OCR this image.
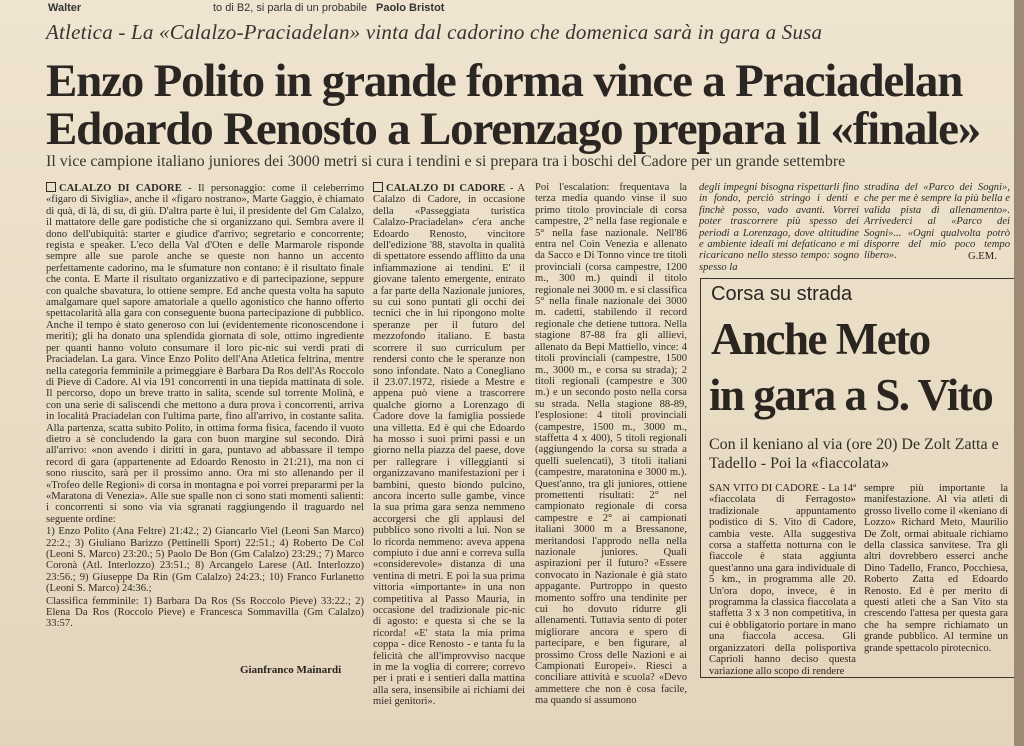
Walter	to di B2, si parla di un probabile Paolo Bristot
Atletica - La «Calalzo-Praciadelan» vinta dal cadorino che domenica sarà in gara a Susa
Enzo Polito in grande forma vince a Praciadelan
Edoardo Renosto a Lorenzago prepara il «finale»
Il vice campione italiano juniores dei 3000 metri si cura i tendini e si prepara tra i boschi del Cadore per un grande settembre

CALALZO DI CADORE - Il personaggio: come il celeberrimo «figaro di Siviglia», anche il «figaro nostrano», Marte Gaggio, è chiamato di quà, di là, di su, di giù. D'altra parte è lui, il presidente del Gm Calalzo, il mattatore delle gare podistiche che si organizzano qui. Sembra avere il dono dell'ubiquità: starter e giudice d'arrivo; segretario e concorrente; regista e speaker. L'eco della Val d'Oten e delle Marmarole risponde sempre alle sue parole anche se queste non hanno un accento perfettamente cadorino, ma le sfumature non contano: è il risultato finale che conta. E Marte il risultato organizzativo e di partecipazione, seppure con qualche sbavatura, lo ottiene sempre. Ed anche questa volta ha saputo amalgamare quel sapore amatoriale a quello agonistico che hanno offerto spettacolarità alla gara con conseguente buona partecipazione di pubblico. Anche il tempo è stato generoso con lui (evidentemente riconoscendone i meriti); gli ha donato una splendida giornata di sole, ottimo ingrediente per quanti hanno voluto consumare il loro pic-nic sui verdi prati di Praciadelan. La gara. Vince Enzo Polito dell'Ana Atletica feltrina, mentre nella categoria femminile a primeggiare è Barbara Da Ros dell'As Roccolo di Pieve di Cadore. Al via 191 concorrenti in una tiepida mattinata di sole. Il percorso, dopo un breve tratto in salita, scende sul torrente Molinà, e con una serie di saliscendi che mettono a dura prova i concorrenti, arriva in località Praciadelan con l'ultima parte, fino all'arrivo, in costante salita. Alla partenza, scatta subito Polito, in ottima forma fisica, facendo il vuoto dietro a sè concludendo la gara con buon margine sul secondo. Dirà all'arrivo: «non avendo i diritti in gara, puntavo ad abbassare il tempo record di gara (appartenente ad Edoardo Renosto in 21:21), ma non ci sono riuscito, sarà per il prossimo anno. Ora mi sto allenando per il «Trofeo delle Regioni» di corsa in montagna e poi vorrei prepararmi per la «Maratona di Venezia». Alle sue spalle non ci sono stati momenti salienti: i concorrenti si sono via via sgranati raggiungendo il traguardo nel seguente ordine:

1) Enzo Polito (Ana Feltre) 21:42.; 2) Giancarlo Viel (Leoni San Marco) 22:2.; 3) Giuliano Barizzo (Pettinelli Sport) 22:51.; 4) Roberto De Col (Leoni S. Marco) 23:20.; 5) Paolo De Bon (Gm Calalzo) 23:29.; 7) Marco Coronà (Atl. Interlozzo) 23:51.; 8) Arcangelo Larese (Atl. Interlozzo) 23:56.; 9) Giuseppe Da Rin (Gm Calalzo) 24:23.; 10) Franco Furlanetto (Leoni S. Marco) 24:36.;

Classifica femminile: 1) Barbara Da Ros (Ss Roccolo Pieve) 33:22.; 2) Elena Da Ros (Roccolo Pieve) e Francesca Sommavilla (Gm Calalzo) 33:57.

Gianfranco Mainardi

CALALZO DI CADORE - A Calalzo di Cadore, in occasione della «Passeggiata turistica Calalzo-Praciadelan» c'era anche Edoardo Renosto, vincitore dell'edizione '88, stavolta in qualità di spettatore essendo afflitto da una infiammazione ai tendini. E' il giovane talento emergente, entrato a far parte della Nazionale juniores, su cui sono puntati gli occhi dei tecnici che in lui ripongono molte speranze per il futuro del mezzofondo italiano. E basta scorrere il suo curriculum per rendersi conto che le speranze non sono infondate. Nato a Conegliano il 23.07.1972, risiede a Mestre e appena può viene a trascorrere qualche giorno a Lorenzago di Cadore dove la famiglia possiede una villetta. Ed è qui che Edoardo ha mosso i suoi primi passi e un giorno nella piazza del paese, dove per rallegrare i villeggianti si organizzavano manifestazioni per i bambini, questo biondo pulcino, ancora incerto sulle gambe, vince la sua prima gara senza nemmeno accorgersi che gli applausi del pubblico sono rivolti a lui. Non se lo ricorda nemmeno: aveva appena compiuto i due anni e correva sulla «considerevole» distanza di una ventina di metri. E poi la sua prima vittoria «importante» in una non competitiva al Passo Mauria, in occasione del tradizionale pic-nic di agosto: e questa si che se la ricorda! «E' stata la mia prima coppa - dice Renosto - e tanta fu la felicità che all'improvviso nacque in me la voglia di correre; correvo per i prati e i sentieri dalla mattina alla sera, insensibile ai richiami dei miei genitori».

Poi l'escalation: frequentava la terza media quando vinse il suo primo titolo provinciale di corsa campestre, 2° nella fase regionale e 5° nella fase nazionale. Nell'86 entra nel Coin Venezia e allenato da Sacco e Di Tonno vince tre titoli provinciali (corsa campestre, 1200 m., 300 m.) quindi il titolo regionale nei 3000 m. e si classifica 5° nella finale nazionale dei 3000 m. cadetti, stabilendo il record regionale che detiene tuttora. Nella stagione 87-88 fra gli allievi, allenato da Bepi Mattiello, vince: 4 titoli provinciali (campestre, 1500 m., 3000 m., e corsa su strada); 2 titoli regionali (campestre e 300 m.) e un secondo posto nella corsa su strada. Nella stagione 88-89, l'esplosione: 4 titoli provinciali (campestre, 1500 m., 3000 m., staffetta 4 x 400), 5 titoli regionali (aggiungendo la corsa su strada a quelli suelencati), 3 titoli italiani (campestre, maratonina e 3000 m.). Quest'anno, tra gli juniores, ottiene promettenti risultati: 2° nel campionato regionale di corsa campestre e 2° ai campionati italiani 3000 m a Bressanone, meritandosi l'approdo nella nella nazionale juniores. Quali aspirazioni per il futuro? «Essere convocato in Nazionale è già stato appagante. Purtroppo in questo momento soffro una tendinite per cui ho dovuto ridurre gli allenamenti. Tuttavia sento di poter migliorare ancora e spero di partecipare, e ben figurare, al prossimo Cross delle Nazioni e ai Campionati Europei». Riesci a conciliare attività e scuola? «Devo ammettere che non è cosa facile, ma quando si assumono

degli impegni bisogna rispettarli fino in fondo, perciò stringo i denti e finchè posso, vado avanti. Vorrei poter trascorrere più spesso dei periodi a Lorenzago, dove altitudine e ambiente ideali mi defaticano e mi ricaricano nello stesso tempo: sogno spesso la

stradina del «Parco dei Sogni», che per me è sempre la più bella e valida pista di allenamento». Arrivederci al «Parco dei Sogni»... «Ogni qualvolta potrò disporre del mio poco tempo libero».	G.EM.
Corsa su strada
Anche Meto
in gara a S. Vito
Con il keniano al via (ore 20) De Zolt Zatta e Tadello - Poi la «fiaccolata»
SAN VITO DI CADORE - La 14ª «fiaccolata di Ferragosto» tradizionale appuntamento podistico di S. Vito di Cadore, cambia veste. Alla suggestiva corsa a staffetta notturna con le fiaccole è stata aggiunta quest'anno una gara individuale di 5 km., in programma alle 20. Un'ora dopo, invece, è in programma la classica fiaccolata a staffetta 3 x 3 non competitiva, in cui è obbligatorio portare in mano una fiaccola accesa. Gli organizzatori della polisportiva Caprioli hanno deciso questa variazione allo scopo di rendere
sempre più importante la manifestazione. Al via atleti di grosso livello come il «keniano di Lozzo» Richard Meto, Maurilio De Zolt, ormai abituale richiamo della classica sanvitese. Tra gli altri dovrebbero esserci anche Dino Tadello, Franco, Pocchiesa, Roberto Zatta ed Edoardo Renosto. Ed è per merito di questi atleti che a San Vito sta crescendo l'attesa per questa gara che ha sempre richiamato un grande pubblico. Al termine un grande spettacolo pirotecnico.
